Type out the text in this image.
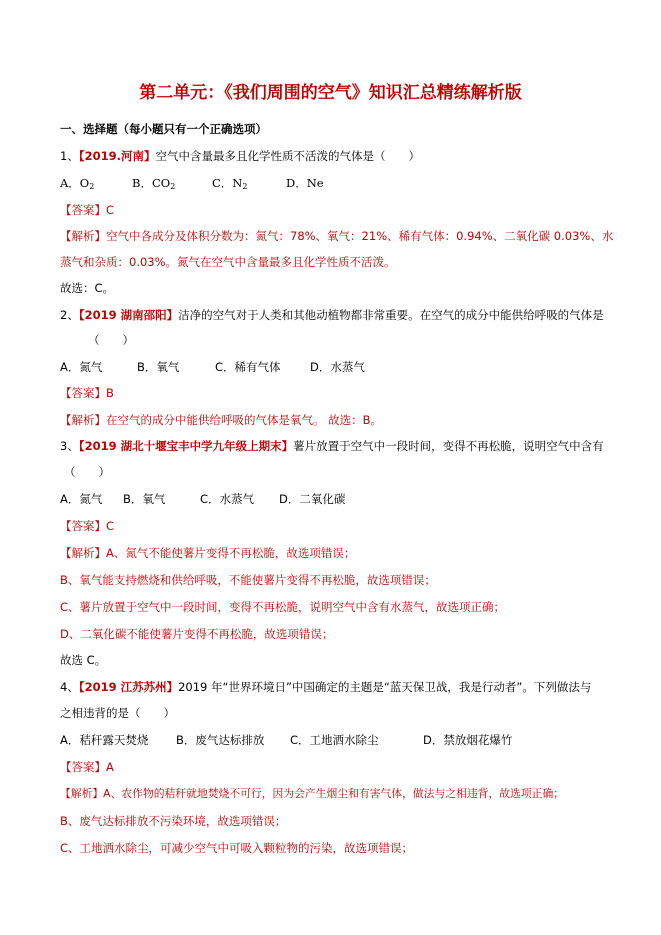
第二单元：《我们周围的空气》知识汇总精练解析版
一、选择题（每小题只有一个正确选项）
1、【2019.河南】空气中含量最多且化学性质不活泼的气体是（　　）
A．$O_2$	B．$CO_2$	C．$N_2$	D．Ne
【答案】C
【解析】空气中各成分及体积分数为：氮气：78%、氧气：21%、稀有气体：0.94%、二氧化碳 0.03%、水
蒸气和杂质：0.03%。氮气在空气中含量最多且化学性质不活泼。
故选：C。
2、【2019 湖南邵阳】洁净的空气对于人类和其他动植物都非常重要。在空气的成分中能供给呼吸的气体是
（　　）
A．氮气	B．氧气	C．稀有气体	D．水蒸气
【答案】B
【解析】在空气的成分中能供给呼吸的气体是氧气。 故选：B。
3、【2019 湖北十堰宝丰中学九年级上期末】薯片放置于空气中一段时间，变得不再松脆，说明空气中含有
（　　）
A．氮气 B．氧气	C．水蒸气 D．二氧化碳
【答案】C
【解析】A、氮气不能使薯片变得不再松脆，故选项错误；
B、氧气能支持燃烧和供给呼吸，不能使薯片变得不再松脆，故选项错误；
C、薯片放置于空气中一段时间，变得不再松脆，说明空气中含有水蒸气，故选项正确；
D、二氧化碳不能使薯片变得不再松脆，故选项错误；
故选 C。
4、【2019 江苏苏州】2019 年“世界环境日”中国确定的主题是“蓝天保卫战，我是行动者”。下列做法与
之相违背的是（　　）
A．秸秆露天焚烧 B．废气达标排放 C．工地洒水除尘	D．禁放烟花爆竹
【答案】A
【解析】A、农作物的秸秆就地焚烧不可行，因为会产生烟尘和有害气体，做法与之相违背，故选项正确；
B、废气达标排放不污染环境，故选项错误；
C、工地洒水除尘，可减少空气中可吸入颗粒物的污染，故选项错误；
